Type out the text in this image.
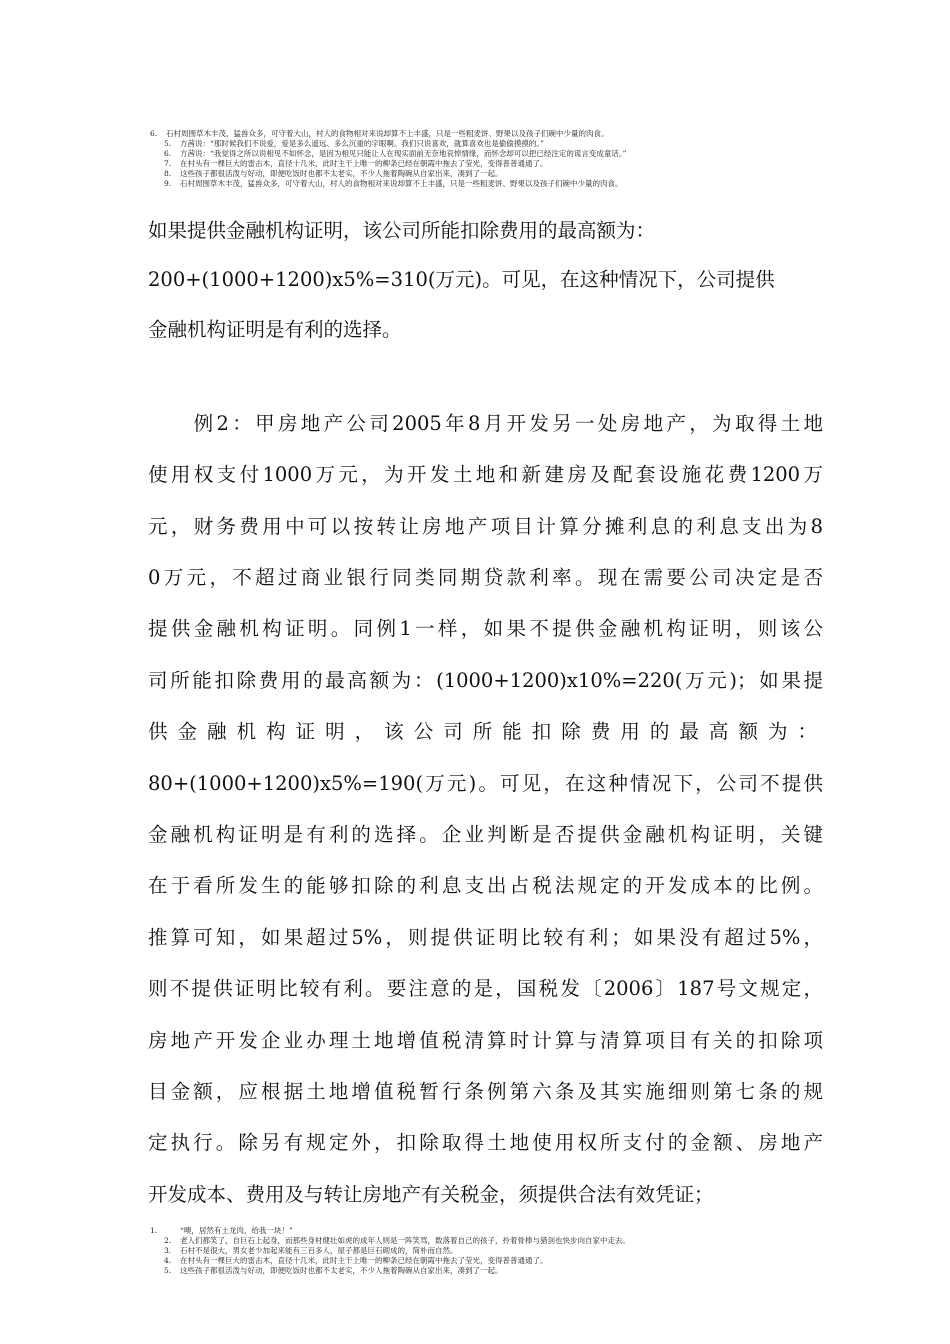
6. 石村周围草木丰茂，猛兽众多，可守着大山，村人的食物相对来说却算不上丰盛，只是一些粗麦饼、野果以及孩子们碗中少量的肉食。
5. 方茜说：“那时候我们不说爱，爱是多么遥远、多么沉重的字眼啊。我们只说喜欢，就算喜欢也是偷偷摸摸的。”
6. 方茜说：“我觉得之所以说相见不如怀念，是因为相见只能让人在现实面前无奈地哀悼情缘，而怀念却可以把已经注定的谎言变成童话。”
7. 在村头有一棵巨大的雷击木，直径十几米，此时主干上唯一的柳条已经在朝霞中拖去了莹光，变得普普通通了。
8. 这些孩子都很活泼与好动，即便吃饭时也都不太老实，不少人拖着陶碗从自家出来，凑到了一起。
9. 石村周围草木丰茂，猛兽众多，可守着大山，村人的食物相对来说却算不上丰盛，只是一些粗麦饼、野果以及孩子们碗中少量的肉食。
如果提供金融机构证明，该公司所能扣除费用的最高额为：
200+(1000+1200)x5%=310(万元)。可见，在这种情况下，公司提供
金融机构证明是有利的选择。
　　例2：甲房地产公司2005年8月开发另一处房地产，为取得土地
使用权支付1000万元，为开发土地和新建房及配套设施花费1200万
元，财务费用中可以按转让房地产项目计算分摊利息的利息支出为8
0万元，不超过商业银行同类同期贷款利率。现在需要公司决定是否
提供金融机构证明。同例1一样，如果不提供金融机构证明，则该公
司所能扣除费用的最高额为：(1000+1200)x10%=220(万元)；如果提
供金融机构证明，该公司所能扣除费用的最高额为：
80+(1000+1200)x5%=190(万元)。可见，在这种情况下，公司不提供
金融机构证明是有利的选择。企业判断是否提供金融机构证明，关键
在于看所发生的能够扣除的利息支出占税法规定的开发成本的比例。
推算可知，如果超过5%，则提供证明比较有利；如果没有超过5%，
则不提供证明比较有利。要注意的是，国税发〔2006〕187号文规定，
房地产开发企业办理土地增值税清算时计算与清算项目有关的扣除项
目金额，应根据土地增值税暂行条例第六条及其实施细则第七条的规
定执行。除另有规定外，扣除取得土地使用权所支付的金额、房地产
开发成本、费用及与转让房地产有关税金，须提供合法有效凭证；
1.	“噢，居然有土龙肉，给我一块！”
2. 老人们都笑了，自巨石上起身，而那些身材健壮如虎的成年人则是一阵笑骂，数落着自己的孩子，拎着骨棒与猎剑也快步向自家中走去。
3. 石村不是很大，男女老少加起来能有三百多人，屋子都是巨石砌成的，简朴而自然。
4. 在村头有一棵巨大的雷击木，直径十几米，此时主干上唯一的柳条已经在朝霞中拖去了莹光，变得普普通通了。
5. 这些孩子都很活泼与好动，即便吃饭时也都不太老实，不少人拖着陶碗从自家出来，凑到了一起。
